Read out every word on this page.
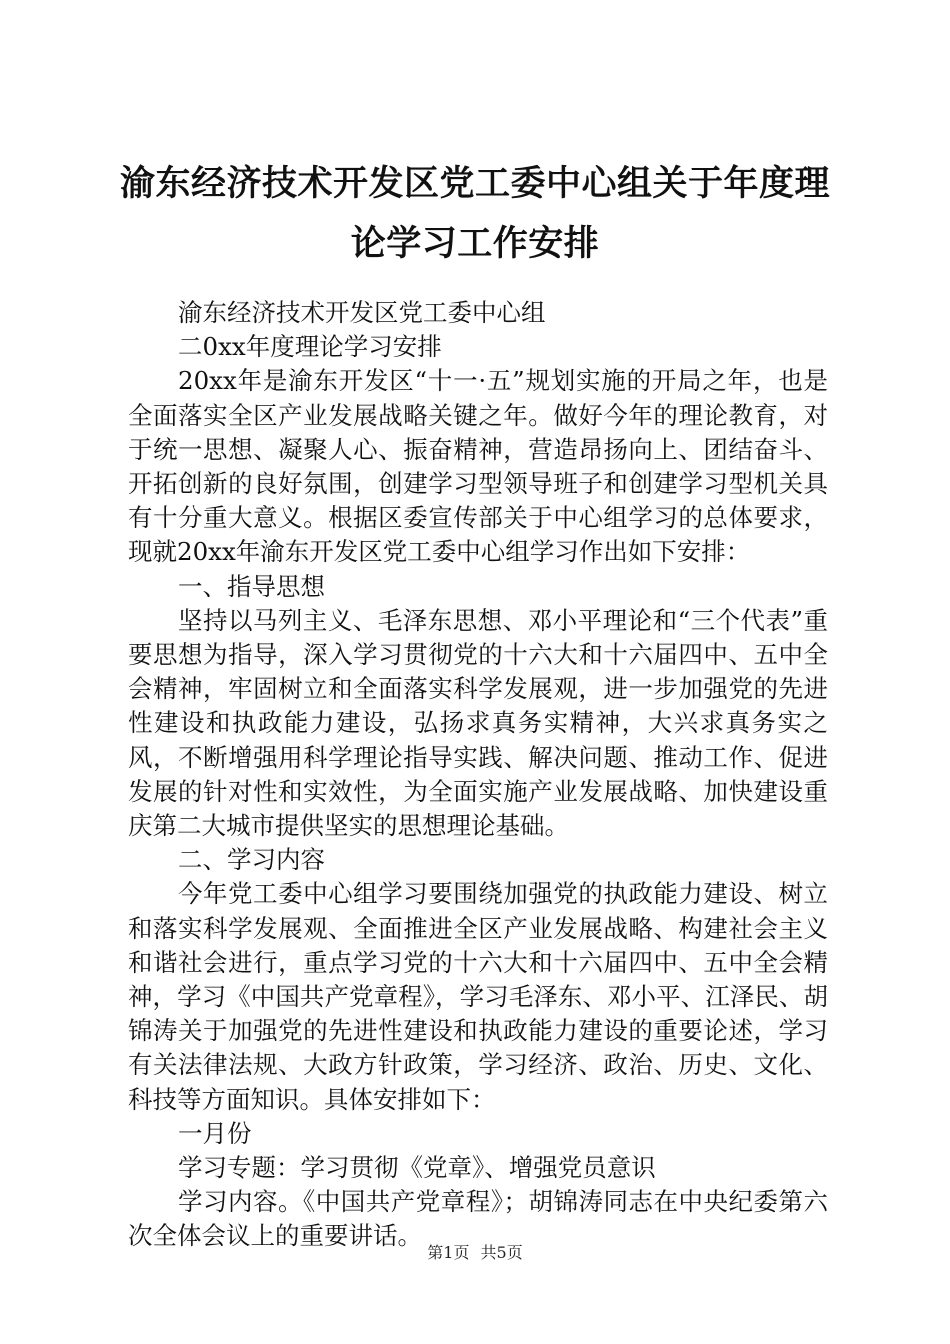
渝东经济技术开发区党工委中心组关于年度理
论学习工作安排

渝东经济技术开发区党工委中心组

二0xx年度理论学习安排

20xx年是渝东开发区“十一·五”规划实施的开局之年，也是全面落实全区产业发展战略关键之年。做好今年的理论教育，对于统一思想、凝聚人心、振奋精神，营造昂扬向上、团结奋斗、开拓创新的良好氛围，创建学习型领导班子和创建学习型机关具有十分重大意义。根据区委宣传部关于中心组学习的总体要求，现就20xx年渝东开发区党工委中心组学习作出如下安排：

一、指导思想

坚持以马列主义、毛泽东思想、邓小平理论和“三个代表”重要思想为指导，深入学习贯彻党的十六大和十六届四中、五中全会精神，牢固树立和全面落实科学发展观，进一步加强党的先进性建设和执政能力建设，弘扬求真务实精神，大兴求真务实之风，不断增强用科学理论指导实践、解决问题、推动工作、促进发展的针对性和实效性，为全面实施产业发展战略、加快建设重庆第二大城市提供坚实的思想理论基础。

二、学习内容

今年党工委中心组学习要围绕加强党的执政能力建设、树立和落实科学发展观、全面推进全区产业发展战略、构建社会主义和谐社会进行，重点学习党的十六大和十六届四中、五中全会精神，学习《中国共产党章程》，学习毛泽东、邓小平、江泽民、胡锦涛关于加强党的先进性建设和执政能力建设的重要论述，学习有关法律法规、大政方针政策，学习经济、政治、历史、文化、科技等方面知识。具体安排如下：

一月份

学习专题：学习贯彻《党章》、增强党员意识

学习内容。《中国共产党章程》；胡锦涛同志在中央纪委第六次全体会议上的重要讲话。

第1页 共5页
